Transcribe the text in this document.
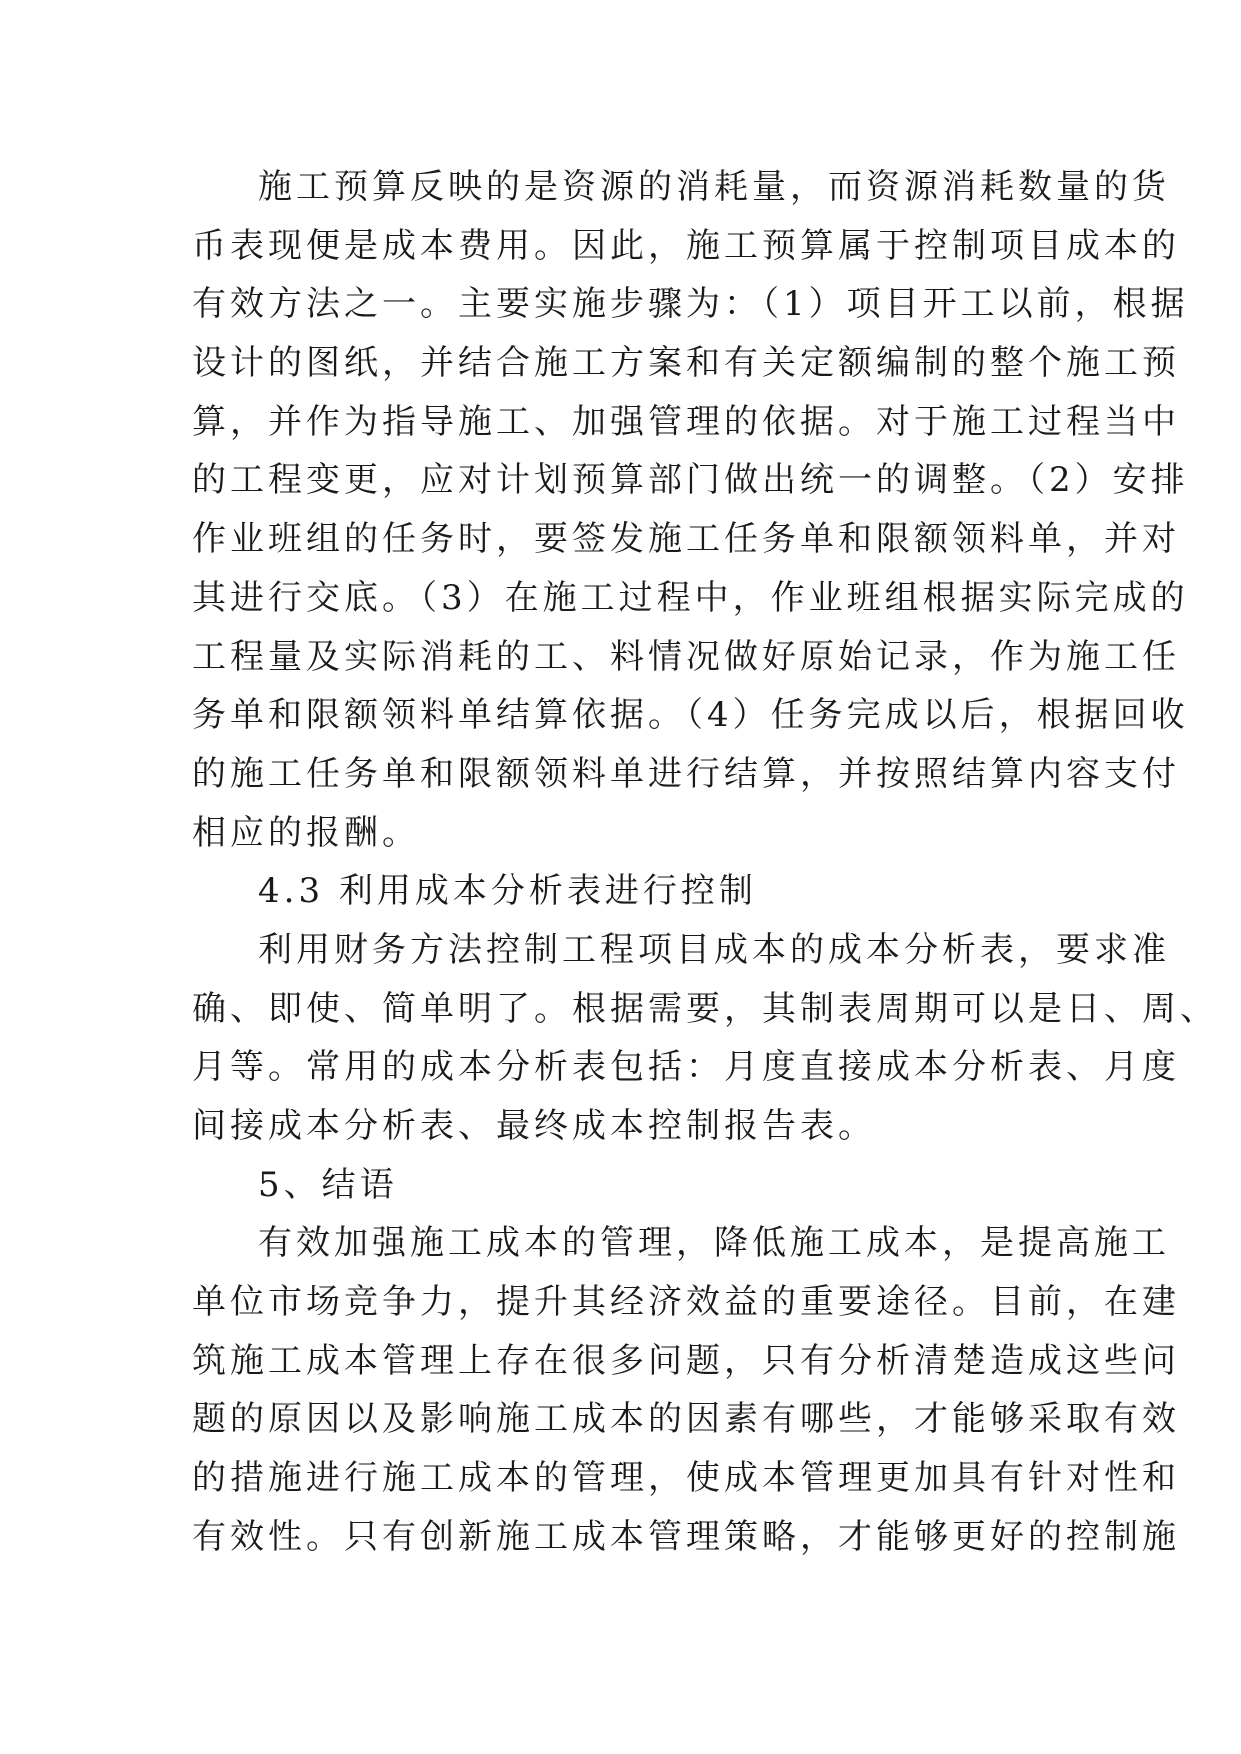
施工预算反映的是资源的消耗量，而资源消耗数量的货
币表现便是成本费用。因此，施工预算属于控制项目成本的
有效方法之一。主要实施步骤为：（1）项目开工以前，根据
设计的图纸，并结合施工方案和有关定额编制的整个施工预
算，并作为指导施工、加强管理的依据。对于施工过程当中
的工程变更，应对计划预算部门做出统一的调整。（2）安排
作业班组的任务时，要签发施工任务单和限额领料单，并对
其进行交底。（3）在施工过程中，作业班组根据实际完成的
工程量及实际消耗的工、料情况做好原始记录，作为施工任
务单和限额领料单结算依据。（4）任务完成以后，根据回收
的施工任务单和限额领料单进行结算，并按照结算内容支付
相应的报酬。
4.3 利用成本分析表进行控制
利用财务方法控制工程项目成本的成本分析表，要求准
确、即使、简单明了。根据需要，其制表周期可以是日、周、
月等。常用的成本分析表包括：月度直接成本分析表、月度
间接成本分析表、最终成本控制报告表。
5、结语
有效加强施工成本的管理，降低施工成本，是提高施工
单位市场竞争力，提升其经济效益的重要途径。目前，在建
筑施工成本管理上存在很多问题，只有分析清楚造成这些问
题的原因以及影响施工成本的因素有哪些，才能够采取有效
的措施进行施工成本的管理，使成本管理更加具有针对性和
有效性。只有创新施工成本管理策略，才能够更好的控制施
